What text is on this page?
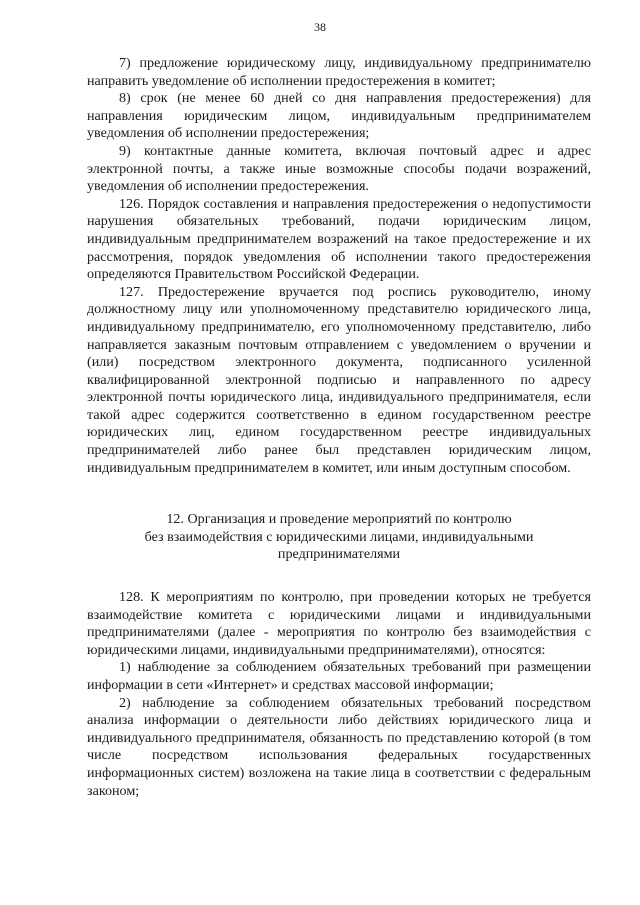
38

7) предложение юридическому лицу, индивидуальному предпринимателю направить уведомление об исполнении предостережения в комитет;

8) срок (не менее 60 дней со дня направления предостережения) для направления юридическим лицом, индивидуальным предпринимателем уведомления об исполнении предостережения;

9) контактные данные комитета, включая почтовый адрес и адрес электронной почты, а также иные возможные способы подачи возражений, уведомления об исполнении предостережения.

126. Порядок составления и направления предостережения о недопустимости нарушения обязательных требований, подачи юридическим лицом, индивидуальным предпринимателем возражений на такое предостережение и их рассмотрения, порядок уведомления об исполнении такого предостережения определяются Правительством Российской Федерации.

127. Предостережение вручается под роспись руководителю, иному должностному лицу или уполномоченному представителю юридического лица, индивидуальному предпринимателю, его уполномоченному представителю, либо направляется заказным почтовым отправлением с уведомлением о вручении и (или) посредством электронного документа, подписанного усиленной квалифицированной электронной подписью и направленного по адресу электронной почты юридического лица, индивидуального предпринимателя, если такой адрес содержится соответственно в едином государственном реестре юридических лиц, едином государственном реестре индивидуальных предпринимателей либо ранее был представлен юридическим лицом, индивидуальным предпринимателем в комитет, или иным доступным способом.

12. Организация и проведение мероприятий по контролю
без взаимодействия с юридическими лицами, индивидуальными
предпринимателями

128. К мероприятиям по контролю, при проведении которых не требуется взаимодействие комитета с юридическими лицами и индивидуальными предпринимателями (далее - мероприятия по контролю без взаимодействия с юридическими лицами, индивидуальными предпринимателями), относятся:

1) наблюдение за соблюдением обязательных требований при размещении информации в сети «Интернет» и средствах массовой информации;

2) наблюдение за соблюдением обязательных требований посредством анализа информации о деятельности либо действиях юридического лица и индивидуального предпринимателя, обязанность по представлению которой (в том числе посредством использования федеральных государственных информационных систем) возложена на такие лица в соответствии с федеральным законом;
